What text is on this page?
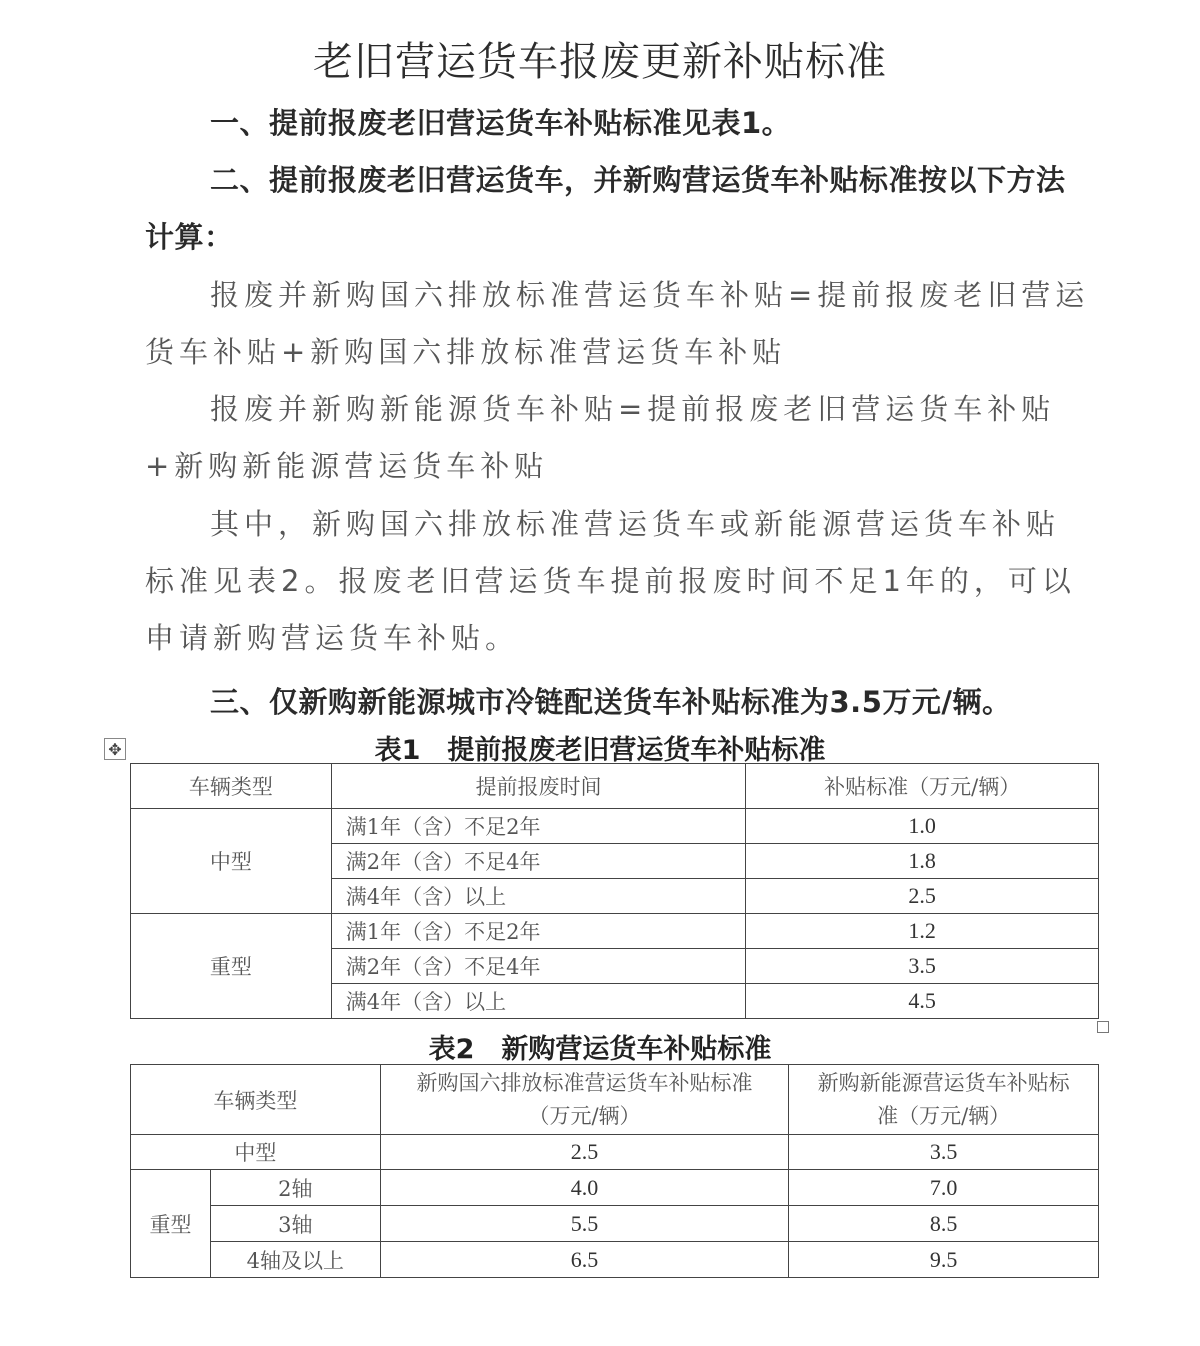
老旧营运货车报废更新补贴标准
一、提前报废老旧营运货车补贴标准见表1。
二、提前报废老旧营运货车，并新购营运货车补贴标准按以下方法计算：
报废并新购国六排放标准营运货车补贴=提前报废老旧营运货车补贴+新购国六排放标准营运货车补贴
报废并新购新能源货车补贴=提前报废老旧营运货车补贴+新购新能源营运货车补贴
其中，新购国六排放标准营运货车或新能源营运货车补贴标准见表2。报废老旧营运货车提前报废时间不足1年的，可以申请新购营运货车补贴。
三、仅新购新能源城市冷链配送货车补贴标准为3.5万元/辆。
✥	表1　提前报废老旧营运货车补贴标准
车辆类型	提前报废时间	补贴标准（万元/辆）
中型	满1年（含）不足2年	1.0
	满2年（含）不足4年	1.8
	满4年（含）以上	2.5
重型	满1年（含）不足2年	1.2
	满2年（含）不足4年	3.5
	满4年（含）以上	4.5
表2　新购营运货车补贴标准
车辆类型		新购国六排放标准营运货车补贴标准（万元/辆）	新购新能源营运货车补贴标准（万元/辆）
中型		2.5	3.5
重型	2轴	4.0	7.0
	3轴	5.5	8.5
	4轴及以上	6.5	9.5
